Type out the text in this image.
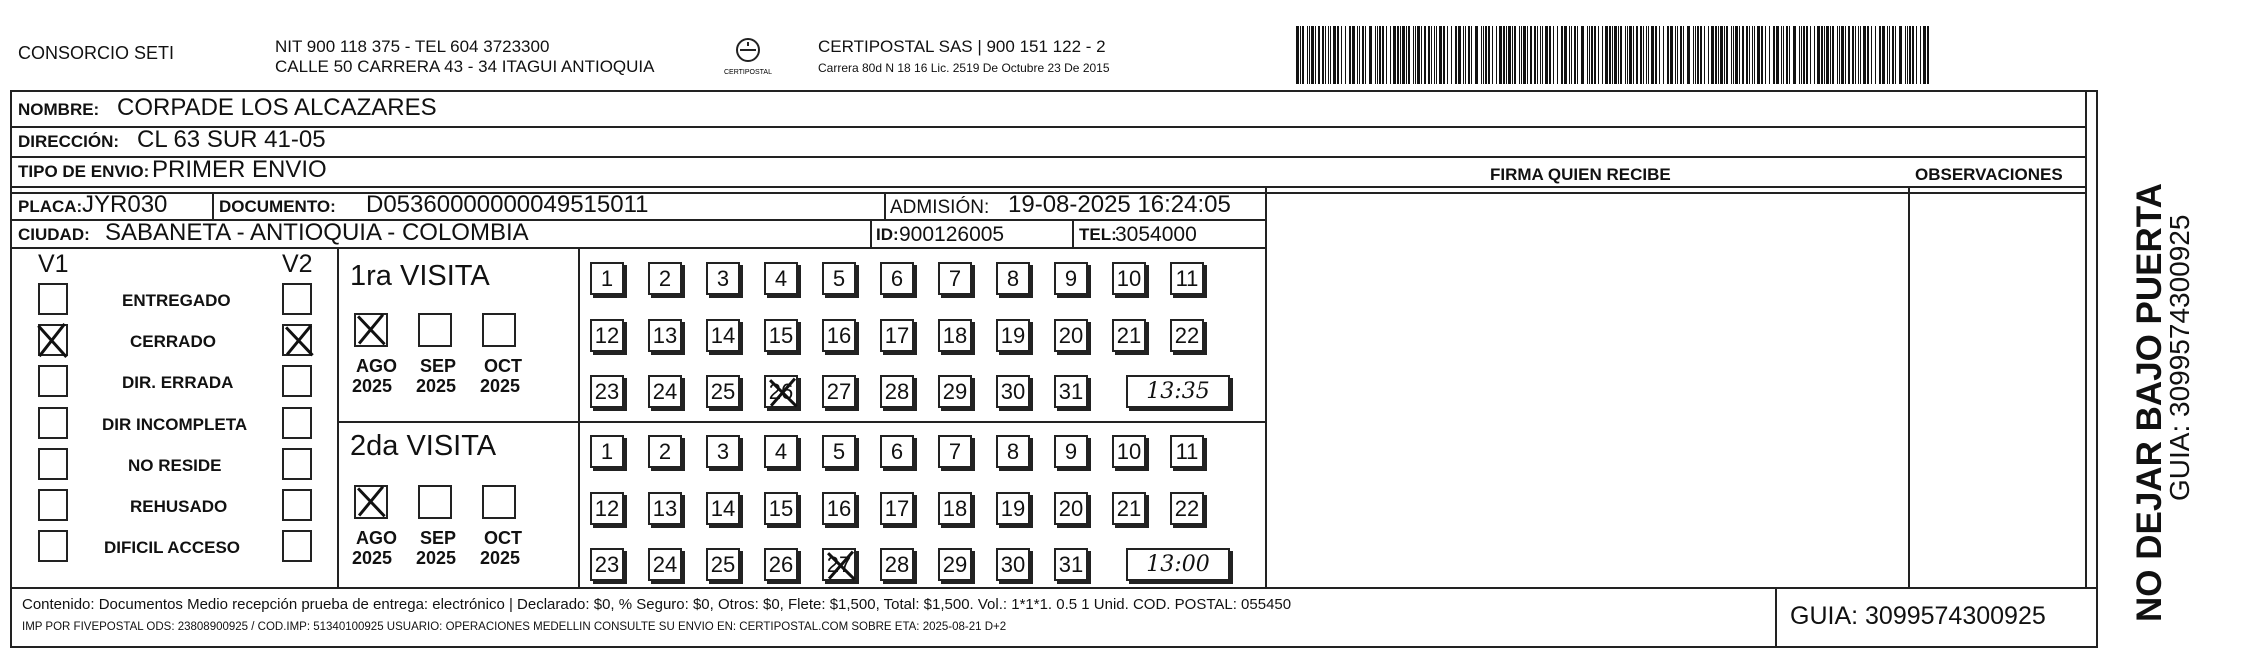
CONSORCIO SETI	NIT 900 118 375 - TEL 604 3723300
CALLE 50 CARRERA 43 - 34 ITAGUI ANTIOQUIA	CERTIPOSTAL
CERTIPOSTAL SAS | 900 151 122 - 2
Carrera 80d N 18 16 Lic. 2519 De Octubre 23 De 2015
NOMBRE: CORPADE LOS ALCAZARES
DIRECCIÓN: CL 63 SUR 41-05
TIPO DE ENVIO: PRIMER ENVIO	FIRMA QUIEN RECIBE	OBSERVACIONES
PLACA: JYR030	DOCUMENTO: D05360000000049515011	ADMISIÓN: 19-08-2025 16:24:05
CIUDAD: SABANETA - ANTIOQUIA - COLOMBIA	ID: 900126005	TEL:
3054000
V1	V2
ENTREGADO
CERRADO
DIR. ERRADA
DIR INCOMPLETA
NO RESIDE
REHUSADO
DIFICIL ACCESO
1ra VISITA
2da VISITA
AGO
2025
SEP
2025
OCT
2025
AGO
2025
SEP
2025
OCT
2025
1	2	3	4	5	6	7	8	9	10 11
12 13 14 15 16 17 18 19 20 21 22
23 24 25 26 27 28 29 30 31	13:35
1	2	3	4	5	6	7	8	9	10 11
12 13 14 15 16 17 18 19 20 21 22
23 24 25 26 27 28 29 30 31	13:00
Contenido: Documentos Medio recepción prueba de entrega: electrónico | Declarado: $0, % Seguro: $0, Otros: $0, Flete: $1,500, Total: $1,500. Vol.: 1*1*1. 0.5 1 Unid. COD. POSTAL: 055450
IMP POR FIVEPOSTAL ODS: 23808900925 / COD.IMP: 51340100925 USUARIO: OPERACIONES MEDELLIN CONSULTE SU ENVIO EN: CERTIPOSTAL.COM SOBRE ETA: 2025-08-21 D+2	GUIA: 3099574300925 NO DEJAR BAJO PUERTA
GUIA: 3099574300925
